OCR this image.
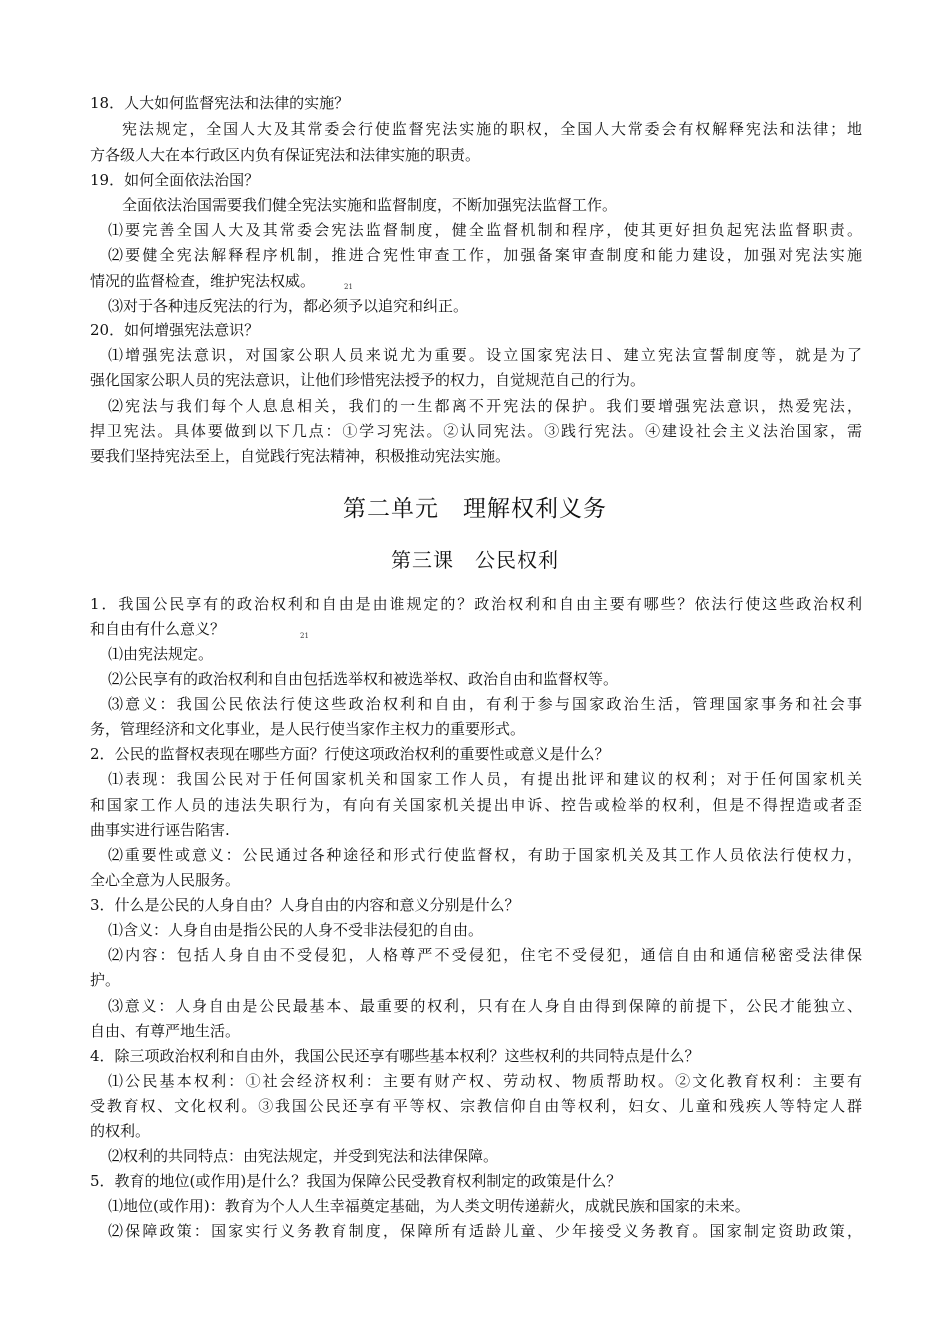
18．人大如何监督宪法和法律的实施？
宪法规定，全国人大及其常委会行使监督宪法实施的职权，全国人大常委会有权解释宪法和法律；地
方各级人大在本行政区内负有保证宪法和法律实施的职责。
19．如何全面依法治国？
全面依法治国需要我们健全宪法实施和监督制度，不断加强宪法监督工作。
⑴要完善全国人大及其常委会宪法监督制度，健全监督机制和程序，使其更好担负起宪法监督职责。
⑵要健全宪法解释程序机制，推进合宪性审查工作，加强备案审查制度和能力建设，加强对宪法实施
情况的监督检查，维护宪法权威。	21
⑶对于各种违反宪法的行为，都必须予以追究和纠正。
20．如何增强宪法意识？
⑴增强宪法意识，对国家公职人员来说尤为重要。设立国家宪法日、建立宪法宣誓制度等，就是为了
强化国家公职人员的宪法意识，让他们珍惜宪法授予的权力，自觉规范自己的行为。
⑵宪法与我们每个人息息相关，我们的一生都离不开宪法的保护。我们要增强宪法意识，热爱宪法，
捍卫宪法。具体要做到以下几点：①学习宪法。②认同宪法。③践行宪法。④建设社会主义法治国家，需
要我们坚持宪法至上，自觉践行宪法精神，积极推动宪法实施。
第二单元　理解权利义务
第三课　公民权利
1．我国公民享有的政治权利和自由是由谁规定的？政治权利和自由主要有哪些？依法行使这些政治权利
和自由有什么意义？	21
⑴由宪法规定。
⑵公民享有的政治权利和自由包括选举权和被选举权、政治自由和监督权等。
⑶意义：我国公民依法行使这些政治权利和自由，有利于参与国家政治生活，管理国家事务和社会事
务，管理经济和文化事业，是人民行使当家作主权力的重要形式。
2．公民的监督权表现在哪些方面？行使这项政治权利的重要性或意义是什么？
⑴表现：我国公民对于任何国家机关和国家工作人员，有提出批评和建议的权利；对于任何国家机关
和国家工作人员的违法失职行为，有向有关国家机关提出申诉、控告或检举的权利，但是不得捏造或者歪
曲事实进行诬告陷害.
⑵重要性或意义：公民通过各种途径和形式行使监督权，有助于国家机关及其工作人员依法行使权力，
全心全意为人民服务。
3．什么是公民的人身自由？人身自由的内容和意义分别是什么？
⑴含义：人身自由是指公民的人身不受非法侵犯的自由。
⑵内容：包括人身自由不受侵犯，人格尊严不受侵犯，住宅不受侵犯，通信自由和通信秘密受法律保
护。
⑶意义：人身自由是公民最基本、最重要的权利，只有在人身自由得到保障的前提下，公民才能独立、
自由、有尊严地生活。
4．除三项政治权利和自由外，我国公民还享有哪些基本权利？这些权利的共同特点是什么？
⑴公民基本权利：①社会经济权利：主要有财产权、劳动权、物质帮助权。②文化教育权利：主要有
受教育权、文化权利。③我国公民还享有平等权、宗教信仰自由等权利，妇女、儿童和残疾人等特定人群
的权利。
⑵权利的共同特点：由宪法规定，并受到宪法和法律保障。
5．教育的地位(或作用)是什么？我国为保障公民受教育权利制定的政策是什么？
⑴地位(或作用)：教育为个人人生幸福奠定基础，为人类文明传递薪火，成就民族和国家的未来。
⑵保障政策：国家实行义务教育制度，保障所有适龄儿童、少年接受义务教育。国家制定资助政策，
